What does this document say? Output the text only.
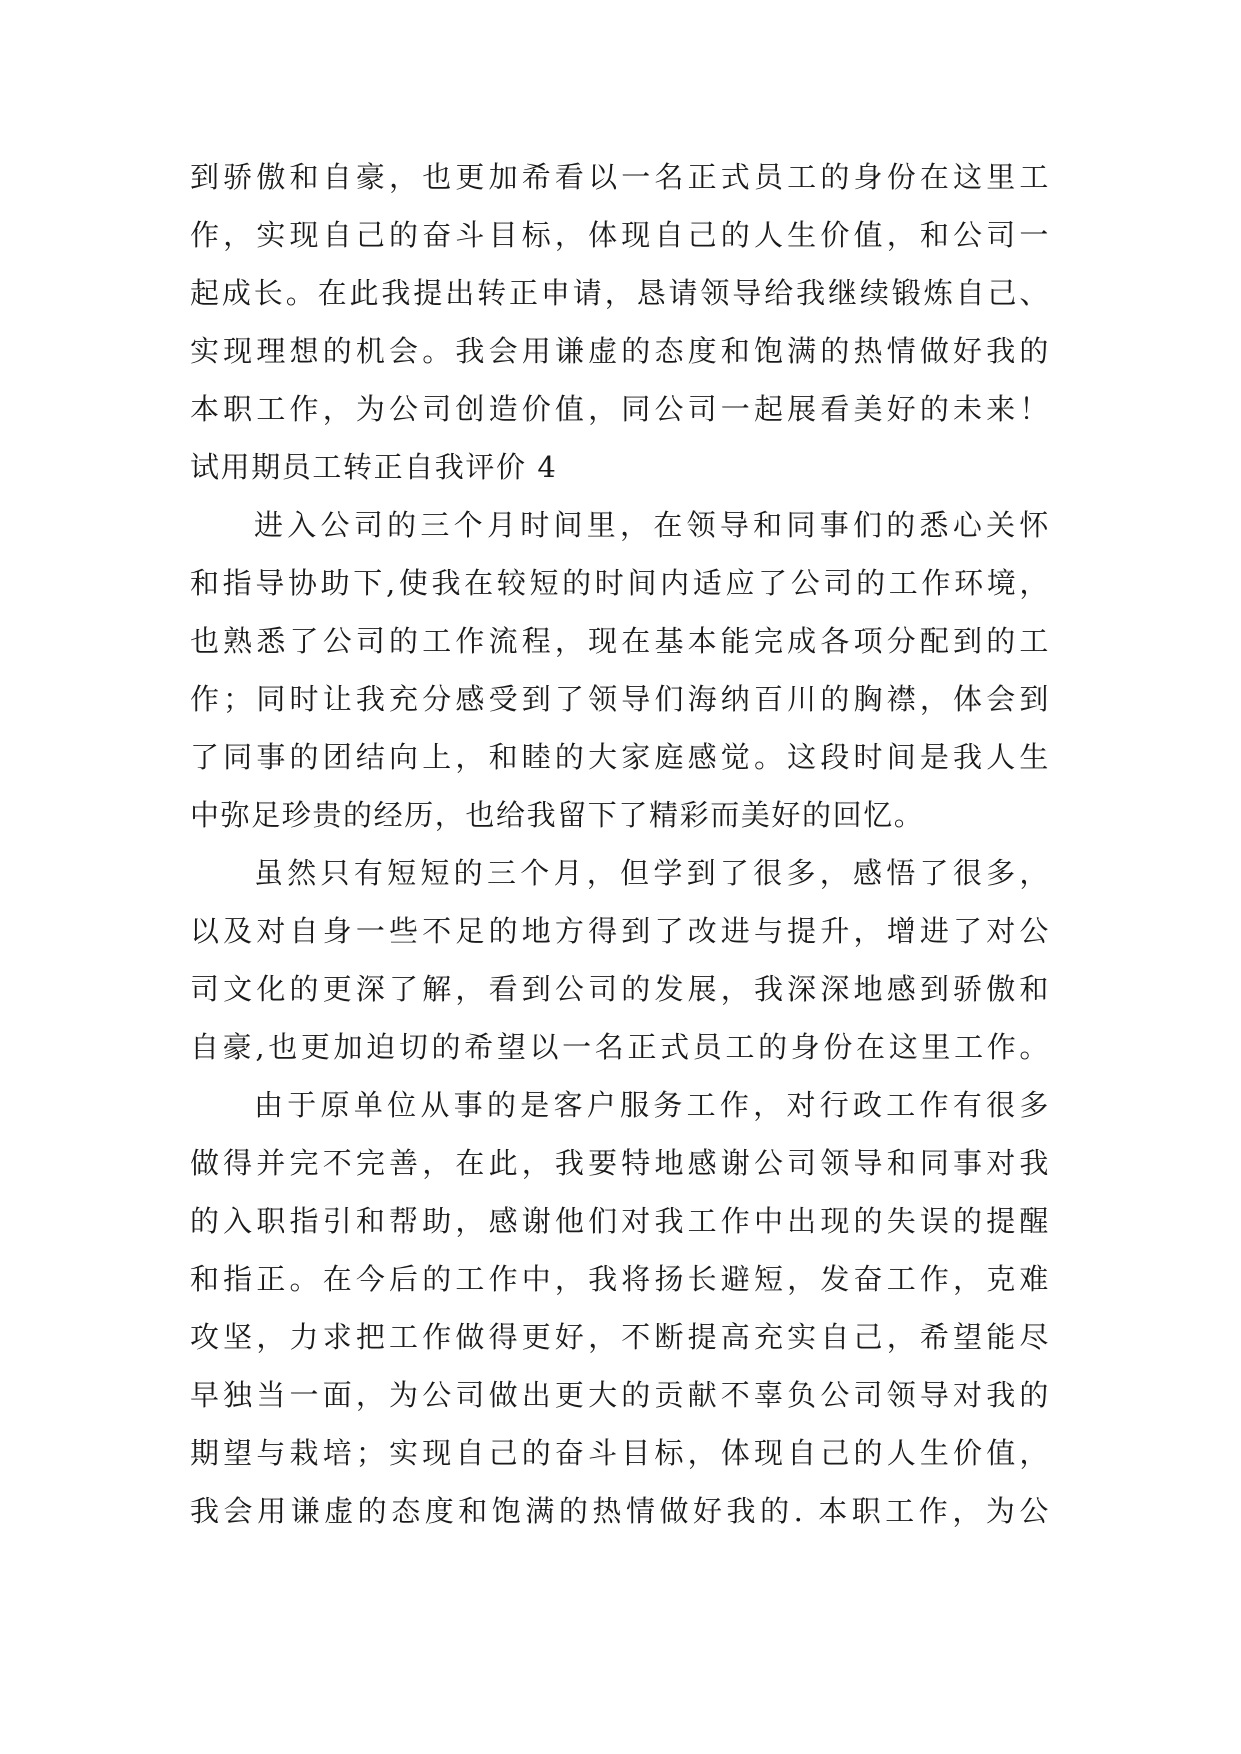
到骄傲和自豪，也更加希看以一名正式员工的身份在这里工
作，实现自己的奋斗目标，体现自己的人生价值，和公司一
起成长。在此我提出转正申请，恳请领导给我继续锻炼自己、
实现理想的机会。我会用谦虚的态度和饱满的热情做好我的
本职工作，为公司创造价值，同公司一起展看美好的未来！
试用期员工转正自我评价 4
进入公司的三个月时间里，在领导和同事们的悉心关怀
和指导协助下,使我在较短的时间内适应了公司的工作环境，
也熟悉了公司的工作流程，现在基本能完成各项分配到的工
作；同时让我充分感受到了领导们海纳百川的胸襟，体会到
了同事的团结向上，和睦的大家庭感觉。这段时间是我人生
中弥足珍贵的经历，也给我留下了精彩而美好的回忆。
虽然只有短短的三个月，但学到了很多，感悟了很多，
以及对自身一些不足的地方得到了改进与提升，增进了对公
司文化的更深了解，看到公司的发展，我深深地感到骄傲和
自豪,也更加迫切的希望以一名正式员工的身份在这里工作。
由于原单位从事的是客户服务工作，对行政工作有很多
做得并完不完善，在此，我要特地感谢公司领导和同事对我
的入职指引和帮助，感谢他们对我工作中出现的失误的提醒
和指正。在今后的工作中，我将扬长避短，发奋工作，克难
攻坚，力求把工作做得更好，不断提高充实自己，希望能尽
早独当一面，为公司做出更大的贡献不辜负公司领导对我的
期望与栽培；实现自己的奋斗目标，体现自己的人生价值，
我会用谦虚的态度和饱满的热情做好我的. 本职工作，为公
